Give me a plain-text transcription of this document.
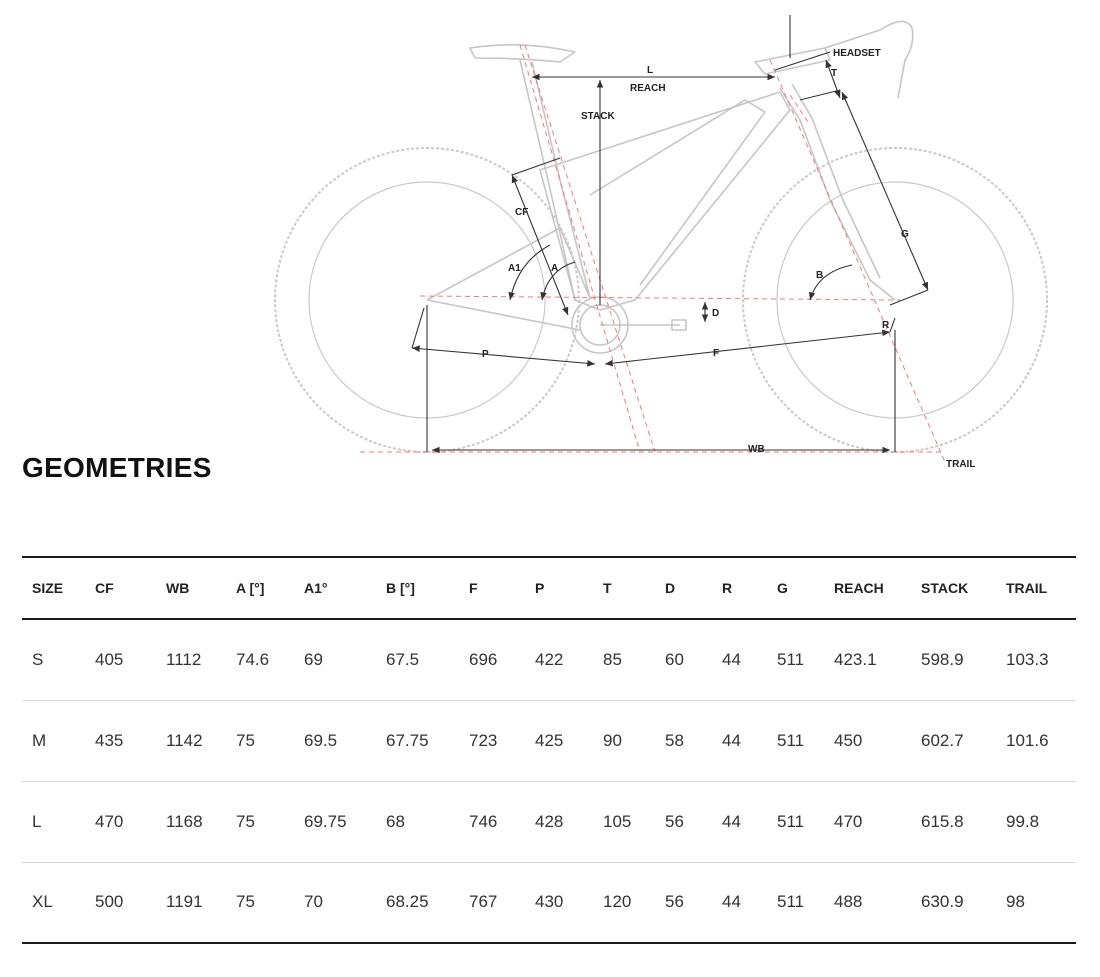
HEADSET
L
REACH
STACK
T
CF
G
A1	A
B
D
R
P	F
WB
TRAIL
GEOMETRIES
SIZE	CF	WB	A [°]	A1°	B [°]	F	P	T	D	R	G	REACH	STACK	TRAIL
S	405	1112	74.6	69	67.5	696	422	85	60	44	511	423.1	598.9	103.3
M	435	1142	75	69.5	67.75	723	425	90	58	44	511	450	602.7	101.6
L	470	1168	75	69.75	68	746	428	105	56	44	511	470	615.8	99.8
XL	500	1191	75	70	68.25	767	430	120	56	44	511	488	630.9	98
